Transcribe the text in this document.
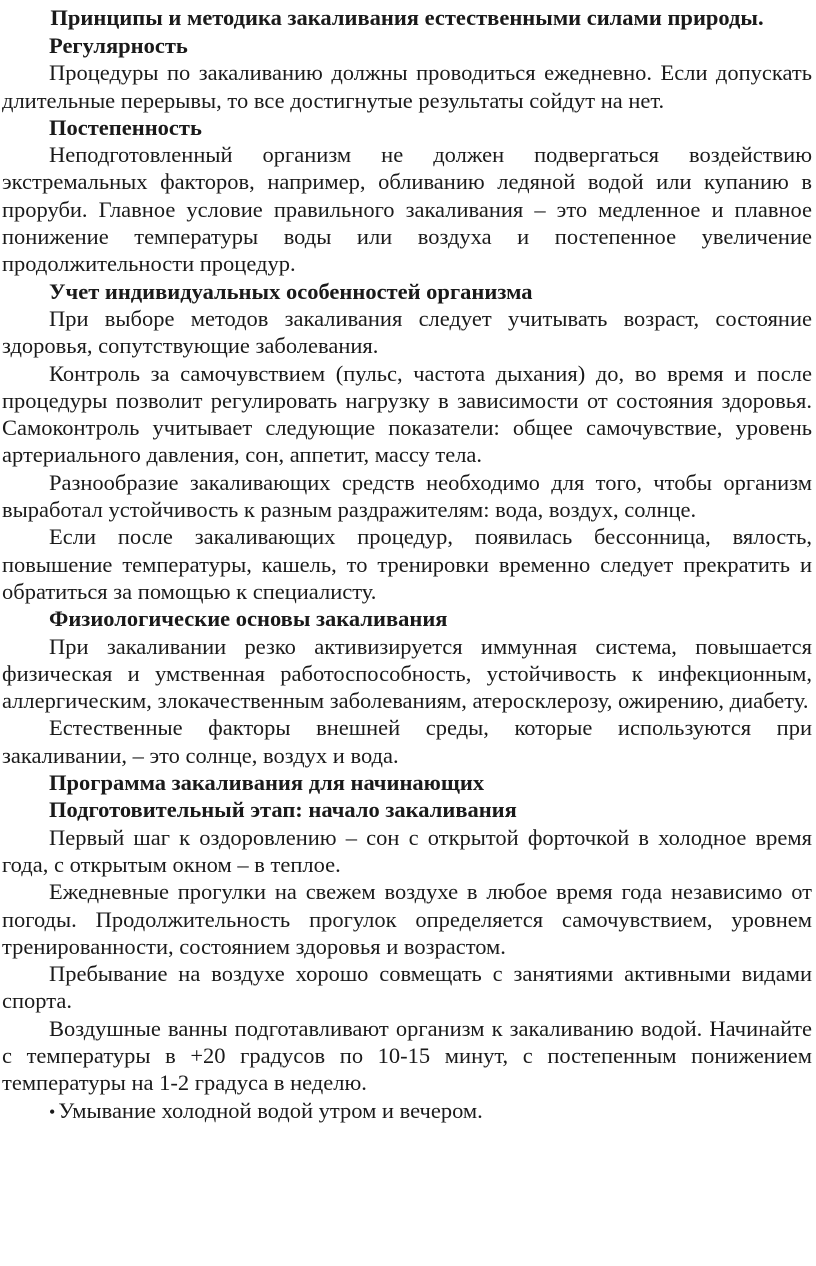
Принципы и методика закаливания естественными силами природы.
Регулярность

Процедуры по закаливанию должны проводиться ежедневно. Если допускать длительные перерывы, то все достигнутые результаты сойдут на нет.

Постепенность

Неподготовленный организм не должен подвергаться воздействию экстремальных факторов, например, обливанию ледяной водой или купанию в проруби. Главное условие правильного закаливания – это медленное и плавное понижение температуры воды или воздуха и постепенное увеличение продолжительности процедур.

Учет индивидуальных особенностей организма

При выборе методов закаливания следует учитывать возраст, состояние здоровья, сопутствующие заболевания.

Контроль за самочувствием (пульс, частота дыхания) до, во время и после процедуры позволит регулировать нагрузку в зависимости от состояния здоровья. Самоконтроль учитывает следующие показатели: общее самочувствие, уровень артериального давления, сон, аппетит, массу тела.

Разнообразие закаливающих средств необходимо для того, чтобы организм выработал устойчивость к разным раздражителям: вода, воздух, солнце.

Если после закаливающих процедур, появилась бессонница, вялость, повышение температуры, кашель, то тренировки временно следует прекратить и обратиться за помощью к специалисту.

Физиологические основы закаливания

При закаливании резко активизируется иммунная система, повышается физическая и умственная работоспособность, устойчивость к инфекционным, аллергическим, злокачественным заболеваниям, атеросклерозу, ожирению, диабету.

Естественные факторы внешней среды, которые используются при закаливании, – это солнце, воздух и вода.

Программа закаливания для начинающих
Подготовительный этап: начало закаливания

Первый шаг к оздоровлению – сон с открытой форточкой в холодное время года, с открытым окном – в теплое.

Ежедневные прогулки на свежем воздухе в любое время года независимо от погоды. Продолжительность прогулок определяется самочувствием, уровнем тренированности, состоянием здоровья и возрастом.

Пребывание на воздухе хорошо совмещать с занятиями активными видами спорта.

Воздушные ванны подготавливают организм к закаливанию водой. Начинайте с температуры в +20 градусов по 10-15 минут, с постепенным понижением температуры на 1-2 градуса в неделю.

• Умывание холодной водой утром и вечером.
